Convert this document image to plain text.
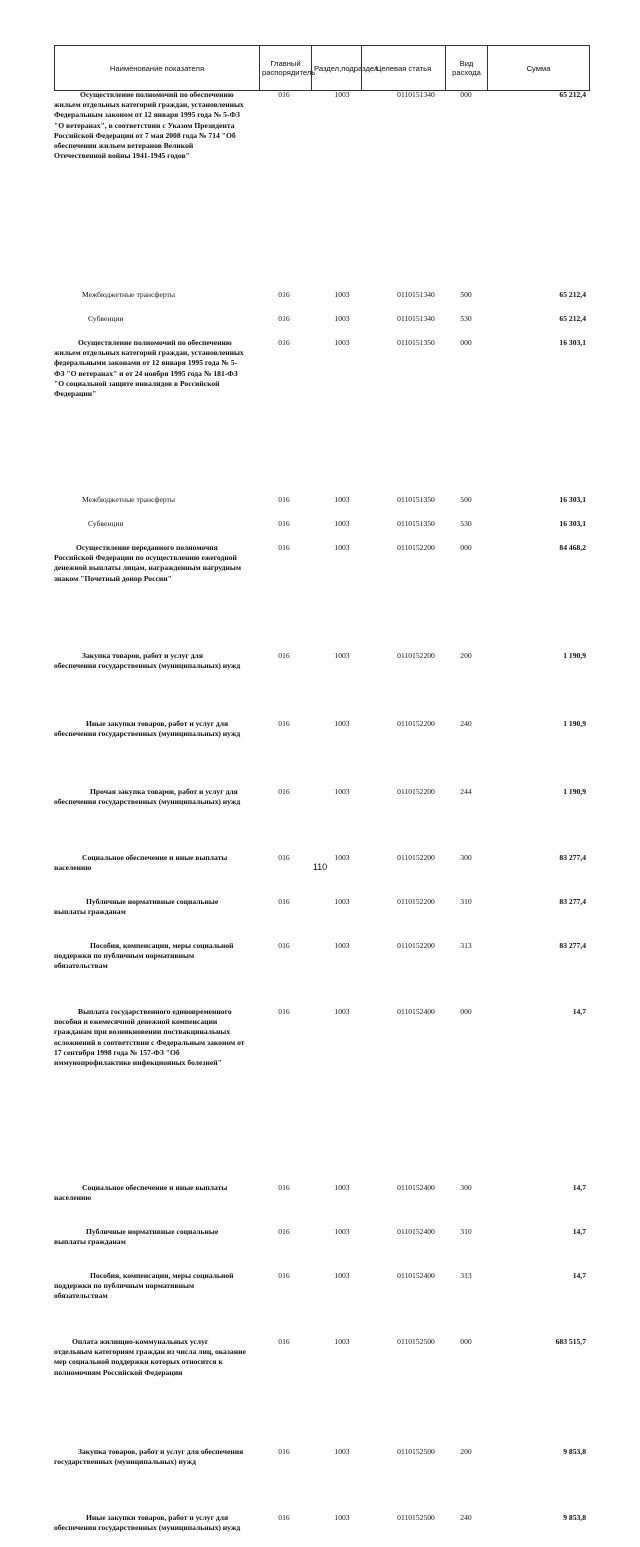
Наименование показателя	Главный распорядитель	Раздел,подраздел	Целевая статья	Вид расхода	Сумма
Осуществление полномочий по обеспечению жильем отдельных категорий граждан, установленных Федеральным законом от 12 января 1995 года № 5-ФЗ "О ветеранах", в соответствии с Указом Президента Российской Федерации от 7 мая 2008 года № 714 "Об обеспечении жильем ветеранов Великой Отечественной войны 1941-1945 годов"
016	1003	0110151340	000	65 212,4
Межбюджетные трансферты	016	1003	0110151340	500	65 212,4
Субвенции	016	1003	0110151340	530	65 212,4
Осуществление полномочий по обеспечению жильем отдельных категорий граждан, установленных федеральными законами от 12 января 1995 года № 5-ФЗ "О ветеранах" и от 24 ноября 1995 года № 181-ФЗ "О социальной защите инвалидов в Российской Федерации"
016	1003	0110151350	000	16 303,1
Межбюджетные трансферты	016	1003	0110151350	500	16 303,1
Субвенции	016	1003	0110151350	530	16 303,1
Осуществление переданного полномочия Российской Федерации по осуществлению ежегодной денежной выплаты лицам, награжденным нагрудным знаком "Почетный донор России"
016	1003	0110152200	000	84 468,2
Закупка товаров, работ и услуг для обеспечения государственных (муниципальных) нужд
016	1003	0110152200	200	1 190,9
Иные закупки товаров, работ и услуг для обеспечения государственных (муниципальных) нужд
016	1003	0110152200	240	1 190,9
Прочая закупка товаров, работ и услуг для обеспечения государственных (муниципальных) нужд
016	1003	0110152200	244	1 190,9
Социальное обеспечение и иные выплаты населению
016	1003	0110152200	300	83 277,4
Публичные нормативные социальные выплаты гражданам
016	1003	0110152200	310	83 277,4
Пособия, компенсации, меры социальной поддержки по публичным нормативным обязательствам
016	1003	0110152200	313	83 277,4
Выплата государственного единовременного пособия и ежемесячной денежной компенсации гражданам при возникновении поствакцинальных осложнений в соответствии с Федеральным законом от 17 сентября 1998 года № 157-ФЗ "Об иммунопрофилактике инфекционных болезней"
016	1003	0110152400	000	14,7
Социальное обеспечение и иные выплаты населению
016	1003	0110152400	300	14,7
Публичные нормативные социальные выплаты гражданам
016	1003	0110152400	310	14,7
Пособия, компенсации, меры социальной поддержки по публичным нормативным обязательствам
016	1003	0110152400	313	14,7
Оплата жилищно-коммунальных услуг отдельным категориям граждан из числа лиц, оказание мер социальной поддержки которых относится к полномочиям Российской Федерации
016	1003	0110152500	000	683 515,7
Закупка товаров, работ и услуг для обеспечения государственных (муниципальных) нужд
016	1003	0110152500	200	9 853,8
Иные закупки товаров, работ и услуг для обеспечения государственных (муниципальных) нужд
016	1003	0110152500	240	9 853,8
110
